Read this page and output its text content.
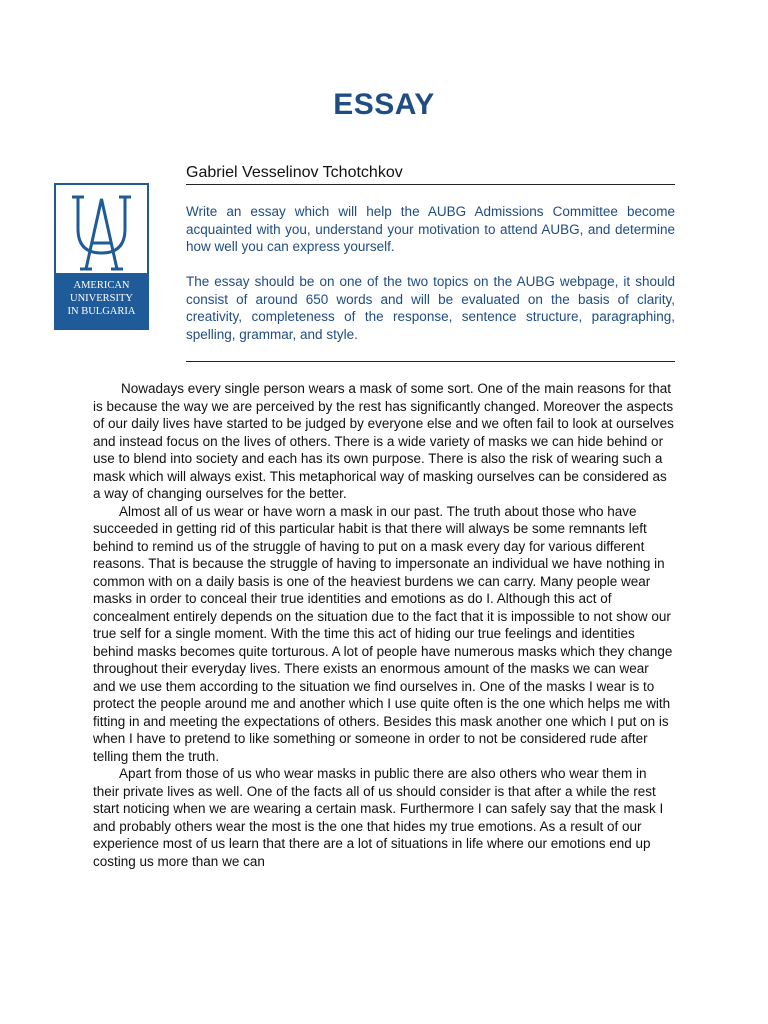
ESSAY
AMERICAN
UNIVERSITY
IN BULGARIA
Gabriel Vesselinov Tchotchkov

Write an essay which will help the AUBG Admissions Committee become acquainted with you, understand your motivation to attend AUBG, and determine how well you can express yourself.

The essay should be on one of the two topics on the AUBG webpage, it should consist of around 650 words and will be evaluated on the basis of clarity, creativity, completeness of the response, sentence structure, paragraphing, spelling, grammar, and style.

Nowadays every single person wears a mask of some sort. One of the main reasons for that is because the way we are perceived by the rest has significantly changed. Moreover the aspects of our daily lives have started to be judged by everyone else and we often fail to look at ourselves and instead focus on the lives of others. There is a wide variety of masks we can hide behind or use to blend into society and each has its own purpose. There is also the risk of wearing such a mask which will always exist. This metaphorical way of masking ourselves can be considered as a way of changing ourselves for the better.

Almost all of us wear or have worn a mask in our past. The truth about those who have succeeded in getting rid of this particular habit is that there will always be some remnants left behind to remind us of the struggle of having to put on a mask every day for various different reasons. That is because the struggle of having to impersonate an individual we have nothing in common with on a daily basis is one of the heaviest burdens we can carry. Many people wear masks in order to conceal their true identities and emotions as do I. Although this act of concealment entirely depends on the situation due to the fact that it is impossible to not show our true self for a single moment. With the time this act of hiding our true feelings and identities behind masks becomes quite torturous. A lot of people have numerous masks which they change throughout their everyday lives. There exists an enormous amount of the masks we can wear and we use them according to the situation we find ourselves in. One of the masks I wear is to protect the people around me and another which I use quite often is the one which helps me with fitting in and meeting the expectations of others. Besides this mask another one which I put on is when I have to pretend to like something or someone in order to not be considered rude after telling them the truth.

Apart from those of us who wear masks in public there are also others who wear them in their private lives as well. One of the facts all of us should consider is that after a while the rest start noticing when we are wearing a certain mask. Furthermore I can safely say that the mask I and probably others wear the most is the one that hides my true emotions. As a result of our experience most of us learn that there are a lot of situations in life where our emotions end up costing us more than we can
